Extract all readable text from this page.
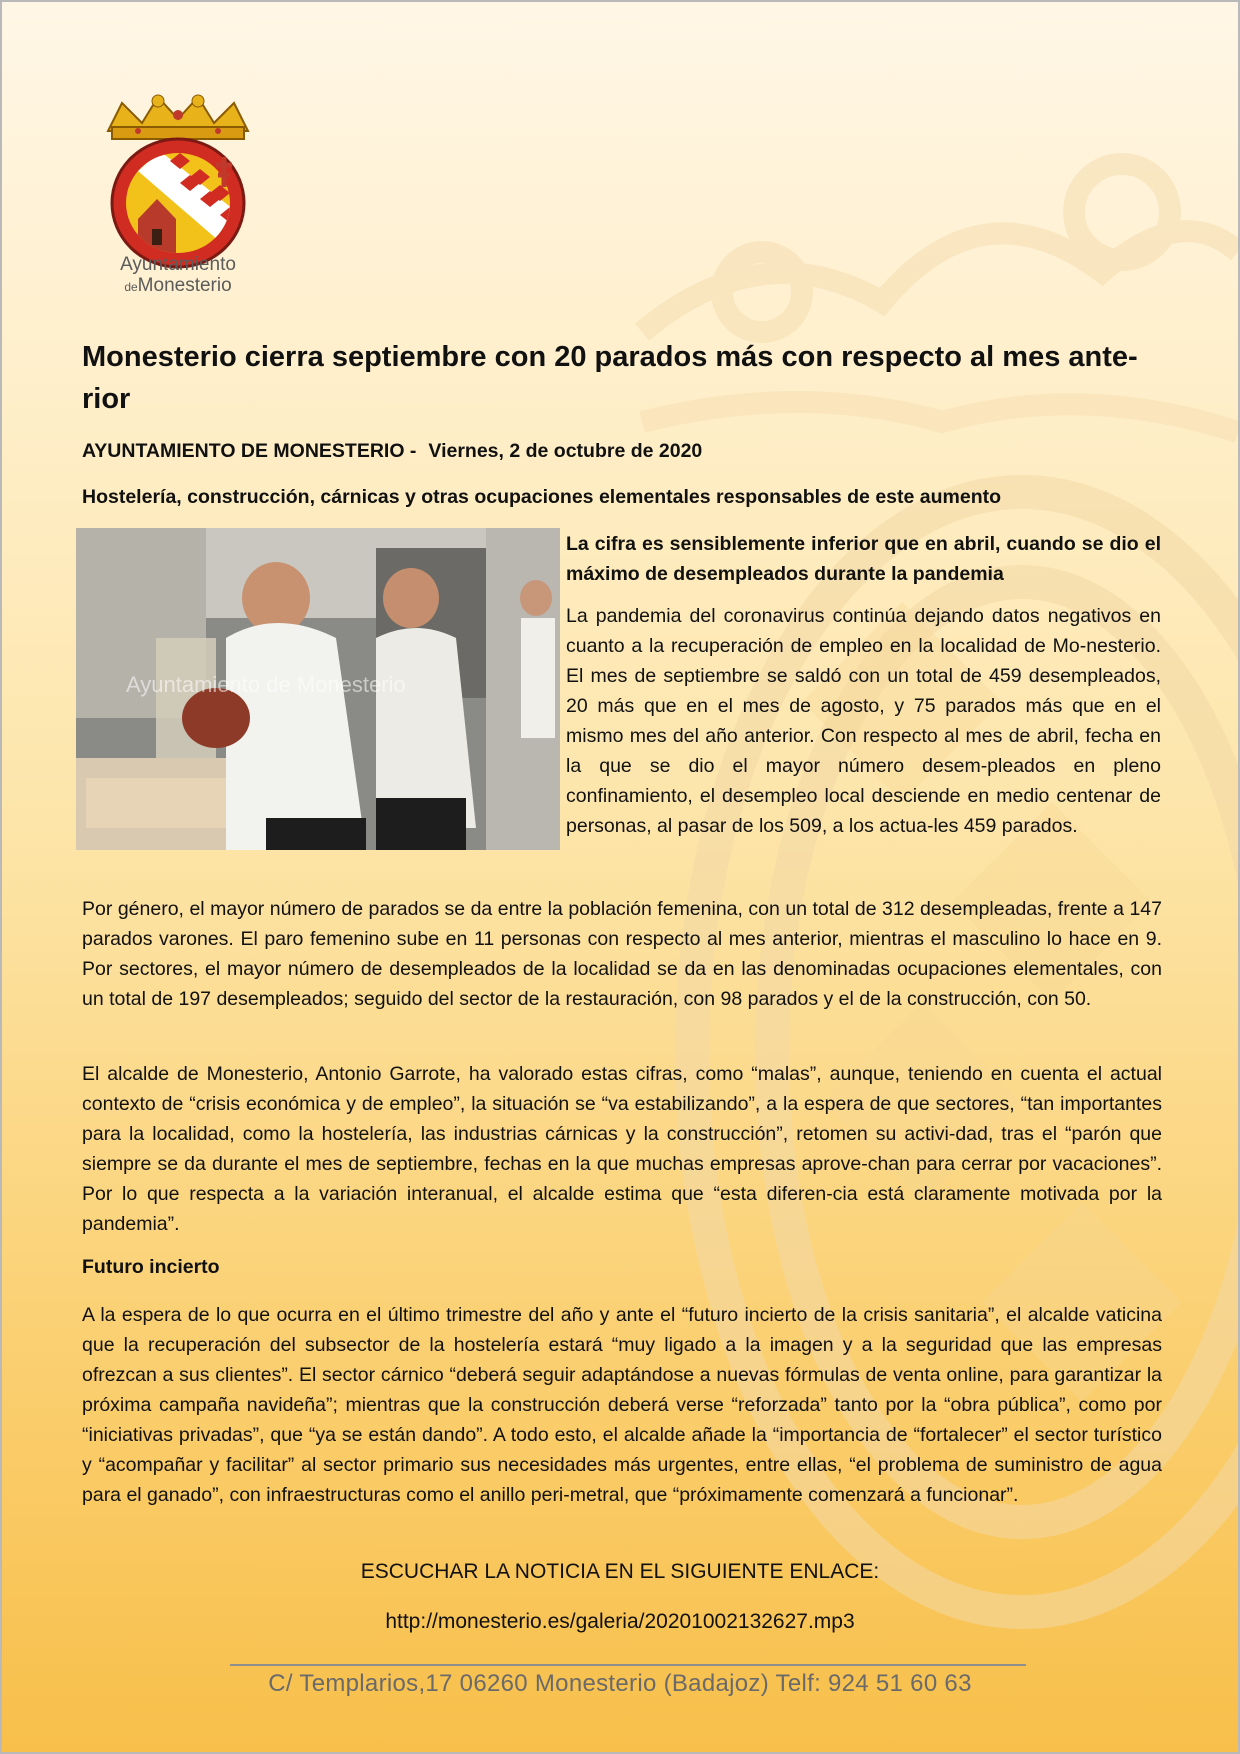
Ayuntamiento
deMonesterio
Monesterio cierra septiembre con 20 parados más con respecto al mes ante-rior
AYUNTAMIENTO DE MONESTERIO - Viernes, 2 de octubre de 2020
Hostelería, construcción, cárnicas y otras ocupaciones elementales responsables de este aumento
Ayuntamiento de Monesterio

La cifra es sensiblemente inferior que en abril, cuando se dio el máximo de desempleados durante la pandemia

La pandemia del coronavirus continúa dejando datos negativos en cuanto a la recuperación de empleo en la localidad de Mo-nesterio. El mes de septiembre se saldó con un total de 459 desempleados, 20 más que en el mes de agosto, y 75 parados más que en el mismo mes del año anterior. Con respecto al mes de abril, fecha en la que se dio el mayor número desem-pleados en pleno confinamiento, el desempleo local desciende en medio centenar de personas, al pasar de los 509, a los actua-les 459 parados.

Por género, el mayor número de parados se da entre la población femenina, con un total de 312 desempleadas, frente a 147 parados varones. El paro femenino sube en 11 personas con respecto al mes anterior, mientras el masculino lo hace en 9. Por sectores, el mayor número de desempleados de la localidad se da en las denominadas ocupaciones elementales, con un total de 197 desempleados; seguido del sector de la restauración, con 98 parados y el de la construcción, con 50.

El alcalde de Monesterio, Antonio Garrote, ha valorado estas cifras, como “malas”, aunque, teniendo en cuenta el actual contexto de “crisis económica y de empleo”, la situación se “va estabilizando”, a la espera de que sectores, “tan importantes para la localidad, como la hostelería, las industrias cárnicas y la construcción”, retomen su activi-dad, tras el “parón que siempre se da durante el mes de septiembre, fechas en la que muchas empresas aprove-chan para cerrar por vacaciones”. Por lo que respecta a la variación interanual, el alcalde estima que “esta diferen-cia está claramente motivada por la pandemia”.

Futuro incierto

A la espera de lo que ocurra en el último trimestre del año y ante el “futuro incierto de la crisis sanitaria”, el alcalde vaticina que la recuperación del subsector de la hostelería estará “muy ligado a la imagen y a la seguridad que las empresas ofrezcan a sus clientes”. El sector cárnico “deberá seguir adaptándose a nuevas fórmulas de venta online, para garantizar la próxima campaña navideña”; mientras que la construcción deberá verse “reforzada” tanto por la “obra pública”, como por “iniciativas privadas”, que “ya se están dando”. A todo esto, el alcalde añade la “importancia de “fortalecer” el sector turístico y “acompañar y facilitar” al sector primario sus necesidades más urgentes, entre ellas, “el problema de suministro de agua para el ganado”, con infraestructuras como el anillo peri-metral, que “próximamente comenzará a funcionar”.

ESCUCHAR LA NOTICIA EN EL SIGUIENTE ENLACE:
http://monesterio.es/galeria/20201002132627.mp3
C/ Templarios,17 06260 Monesterio (Badajoz) Telf: 924 51 60 63
